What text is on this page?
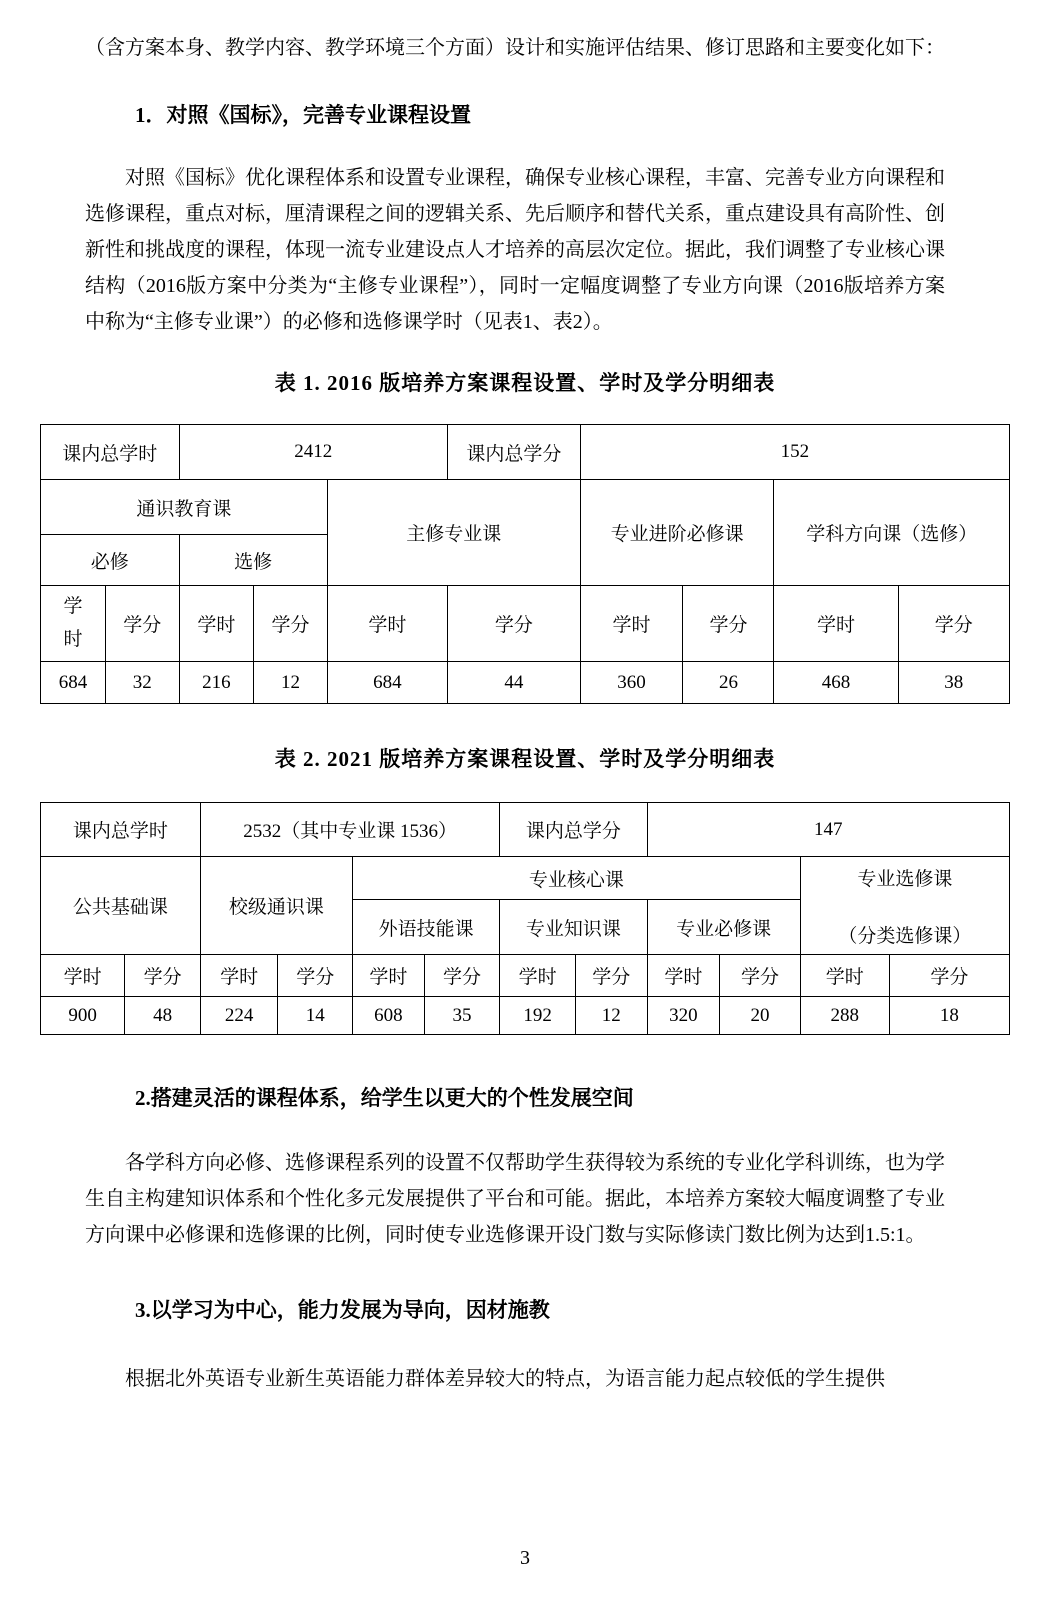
（含方案本身、教学内容、教学环境三个方面）设计和实施评估结果、修订思路和主要变化如下：

1．对照《国标》，完善专业课程设置

对照《国标》优化课程体系和设置专业课程，确保专业核心课程，丰富、完善专业方向课程和选修课程，重点对标，厘清课程之间的逻辑关系、先后顺序和替代关系，重点建设具有高阶性、创新性和挑战度的课程，体现一流专业建设点人才培养的高层次定位。据此，我们调整了专业核心课结构（2016版方案中分类为“主修专业课程”），同时一定幅度调整了专业方向课（2016版培养方案中称为“主修专业课”）的必修和选修课学时（见表1、表2）。

表 1. 2016 版培养方案课程设置、学时及学分明细表
课内总学时		2412			课内总学分	152			
通识教育课				主修专业课		专业进阶必修课		学科方向课（选修）	
必修		选修							
学时	学分	学时	学分	学时	学分	学时	学分	学时	学分
684	32	216	12	684	44	360	26	468	38
表 2. 2021 版培养方案课程设置、学时及学分明细表
课内总学时		2532（其中专业课 1536）				课内总学分		147			
公共基础课		校级通识课		专业核心课						专业选修课
（分类选修课）	

				外语技能课		专业知识课		专业必修课			
学时	学分	学时	学分	学时	学分	学时	学分	学时	学分	学时	学分
900	48	224	14	608	35	192	12	320	20	288	18
2.搭建灵活的课程体系，给学生以更大的个性发展空间

各学科方向必修、选修课程系列的设置不仅帮助学生获得较为系统的专业化学科训练，也为学生自主构建知识体系和个性化多元发展提供了平台和可能。据此，本培养方案较大幅度调整了专业方向课中必修课和选修课的比例，同时使专业选修课开设门数与实际修读门数比例为达到1.5:1。

3.以学习为中心，能力发展为导向，因材施教

根据北外英语专业新生英语能力群体差异较大的特点，为语言能力起点较低的学生提供

3
